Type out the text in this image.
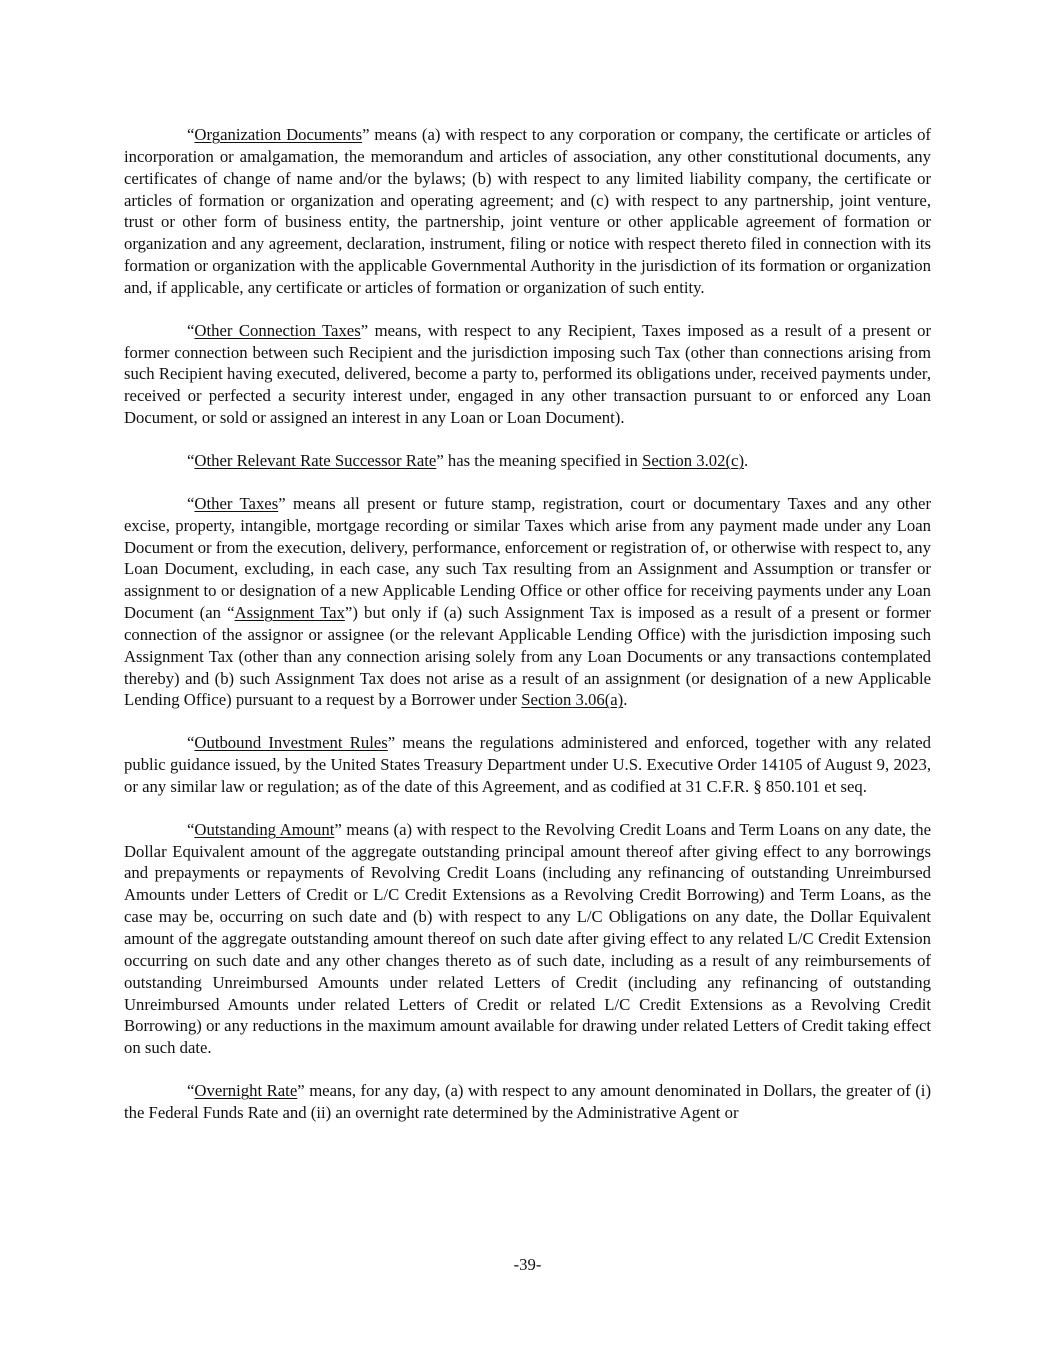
“Organization Documents” means (a) with respect to any corporation or company, the certificate or articles of incorporation or amalgamation, the memorandum and articles of association, any other constitutional documents, any certificates of change of name and/or the bylaws; (b) with respect to any limited liability company, the certificate or articles of formation or organization and operating agreement; and (c) with respect to any partnership, joint venture, trust or other form of business entity, the partnership, joint venture or other applicable agreement of formation or organization and any agreement, declaration, instrument, filing or notice with respect thereto filed in connection with its formation or organization with the applicable Governmental Authority in the jurisdiction of its formation or organization and, if applicable, any certificate or articles of formation or organization of such entity.

“Other Connection Taxes” means, with respect to any Recipient, Taxes imposed as a result of a present or former connection between such Recipient and the jurisdiction imposing such Tax (other than connections arising from such Recipient having executed, delivered, become a party to, performed its obligations under, received payments under, received or perfected a security interest under, engaged in any other transaction pursuant to or enforced any Loan Document, or sold or assigned an interest in any Loan or Loan Document).

“Other Relevant Rate Successor Rate” has the meaning specified in Section 3.02(c).

“Other Taxes” means all present or future stamp, registration, court or documentary Taxes and any other excise, property, intangible, mortgage recording or similar Taxes which arise from any payment made under any Loan Document or from the execution, delivery, performance, enforcement or registration of, or otherwise with respect to, any Loan Document, excluding, in each case, any such Tax resulting from an Assignment and Assumption or transfer or assignment to or designation of a new Applicable Lending Office or other office for receiving payments under any Loan Document (an “Assignment Tax”) but only if (a) such Assignment Tax is imposed as a result of a present or former connection of the assignor or assignee (or the relevant Applicable Lending Office) with the jurisdiction imposing such Assignment Tax (other than any connection arising solely from any Loan Documents or any transactions contemplated thereby) and (b) such Assignment Tax does not arise as a result of an assignment (or designation of a new Applicable Lending Office) pursuant to a request by a Borrower under Section 3.06(a).

“Outbound Investment Rules” means the regulations administered and enforced, together with any related public guidance issued, by the United States Treasury Department under U.S. Executive Order 14105 of August 9, 2023, or any similar law or regulation; as of the date of this Agreement, and as codified at 31 C.F.R. § 850.101 et seq.

“Outstanding Amount” means (a) with respect to the Revolving Credit Loans and Term Loans on any date, the Dollar Equivalent amount of the aggregate outstanding principal amount thereof after giving effect to any borrowings and prepayments or repayments of Revolving Credit Loans (including any refinancing of outstanding Unreimbursed Amounts under Letters of Credit or L/C Credit Extensions as a Revolving Credit Borrowing) and Term Loans, as the case may be, occurring on such date and (b) with respect to any L/C Obligations on any date, the Dollar Equivalent amount of the aggregate outstanding amount thereof on such date after giving effect to any related L/C Credit Extension occurring on such date and any other changes thereto as of such date, including as a result of any reimbursements of outstanding Unreimbursed Amounts under related Letters of Credit (including any refinancing of outstanding Unreimbursed Amounts under related Letters of Credit or related L/C Credit Extensions as a Revolving Credit Borrowing) or any reductions in the maximum amount available for drawing under related Letters of Credit taking effect on such date.

“Overnight Rate” means, for any day, (a) with respect to any amount denominated in Dollars, the greater of (i) the Federal Funds Rate and (ii) an overnight rate determined by the Administrative Agent or

-39-
